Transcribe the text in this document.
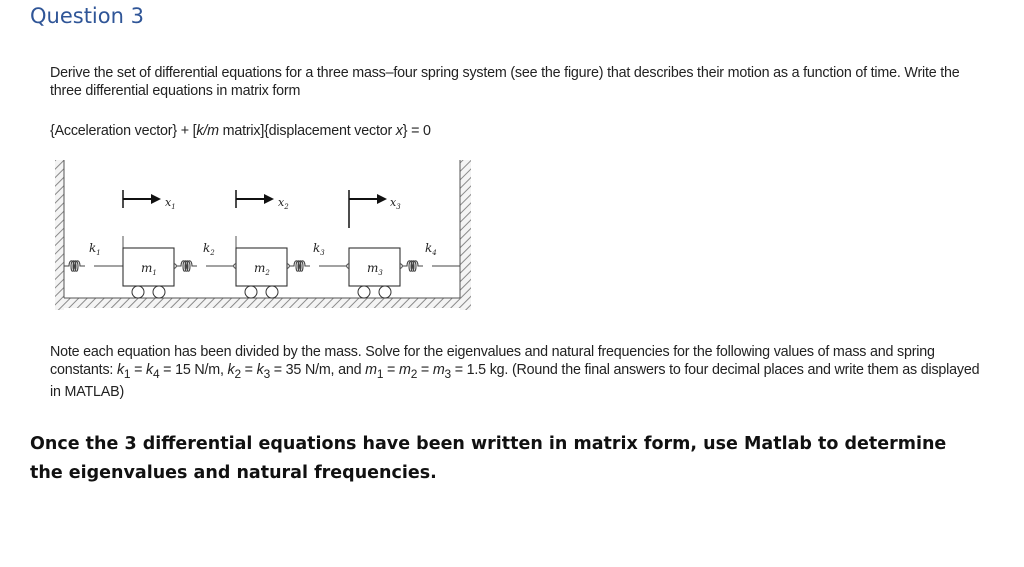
Question 3
Derive the set of differential equations for a three mass–four spring system (see the figure) that describes their motion as a function of time. Write the three differential equations in matrix form
{Acceleration vector} + [k/m matrix]{displacement vector x} = 0
$x_1$	$x_2$	$x_3$
$k_1$	$k_2$	$k_3$	$k_4$
$m_1$	$m_2$	$m_3$
Note each equation has been divided by the mass. Solve for the eigenvalues and natural frequencies for the following values of mass and spring constants: $k_1 = k_4 = 15$ N/m, $k_2 = k_3 = 35$ N/m, and $m_1 = m_2 = m_3 = 1.5$ kg. (Round the final answers to four decimal places and write them as displayed in MATLAB)
Once the 3 differential equations have been written in matrix form, use Matlab to determine the eigenvalues and natural frequencies.
